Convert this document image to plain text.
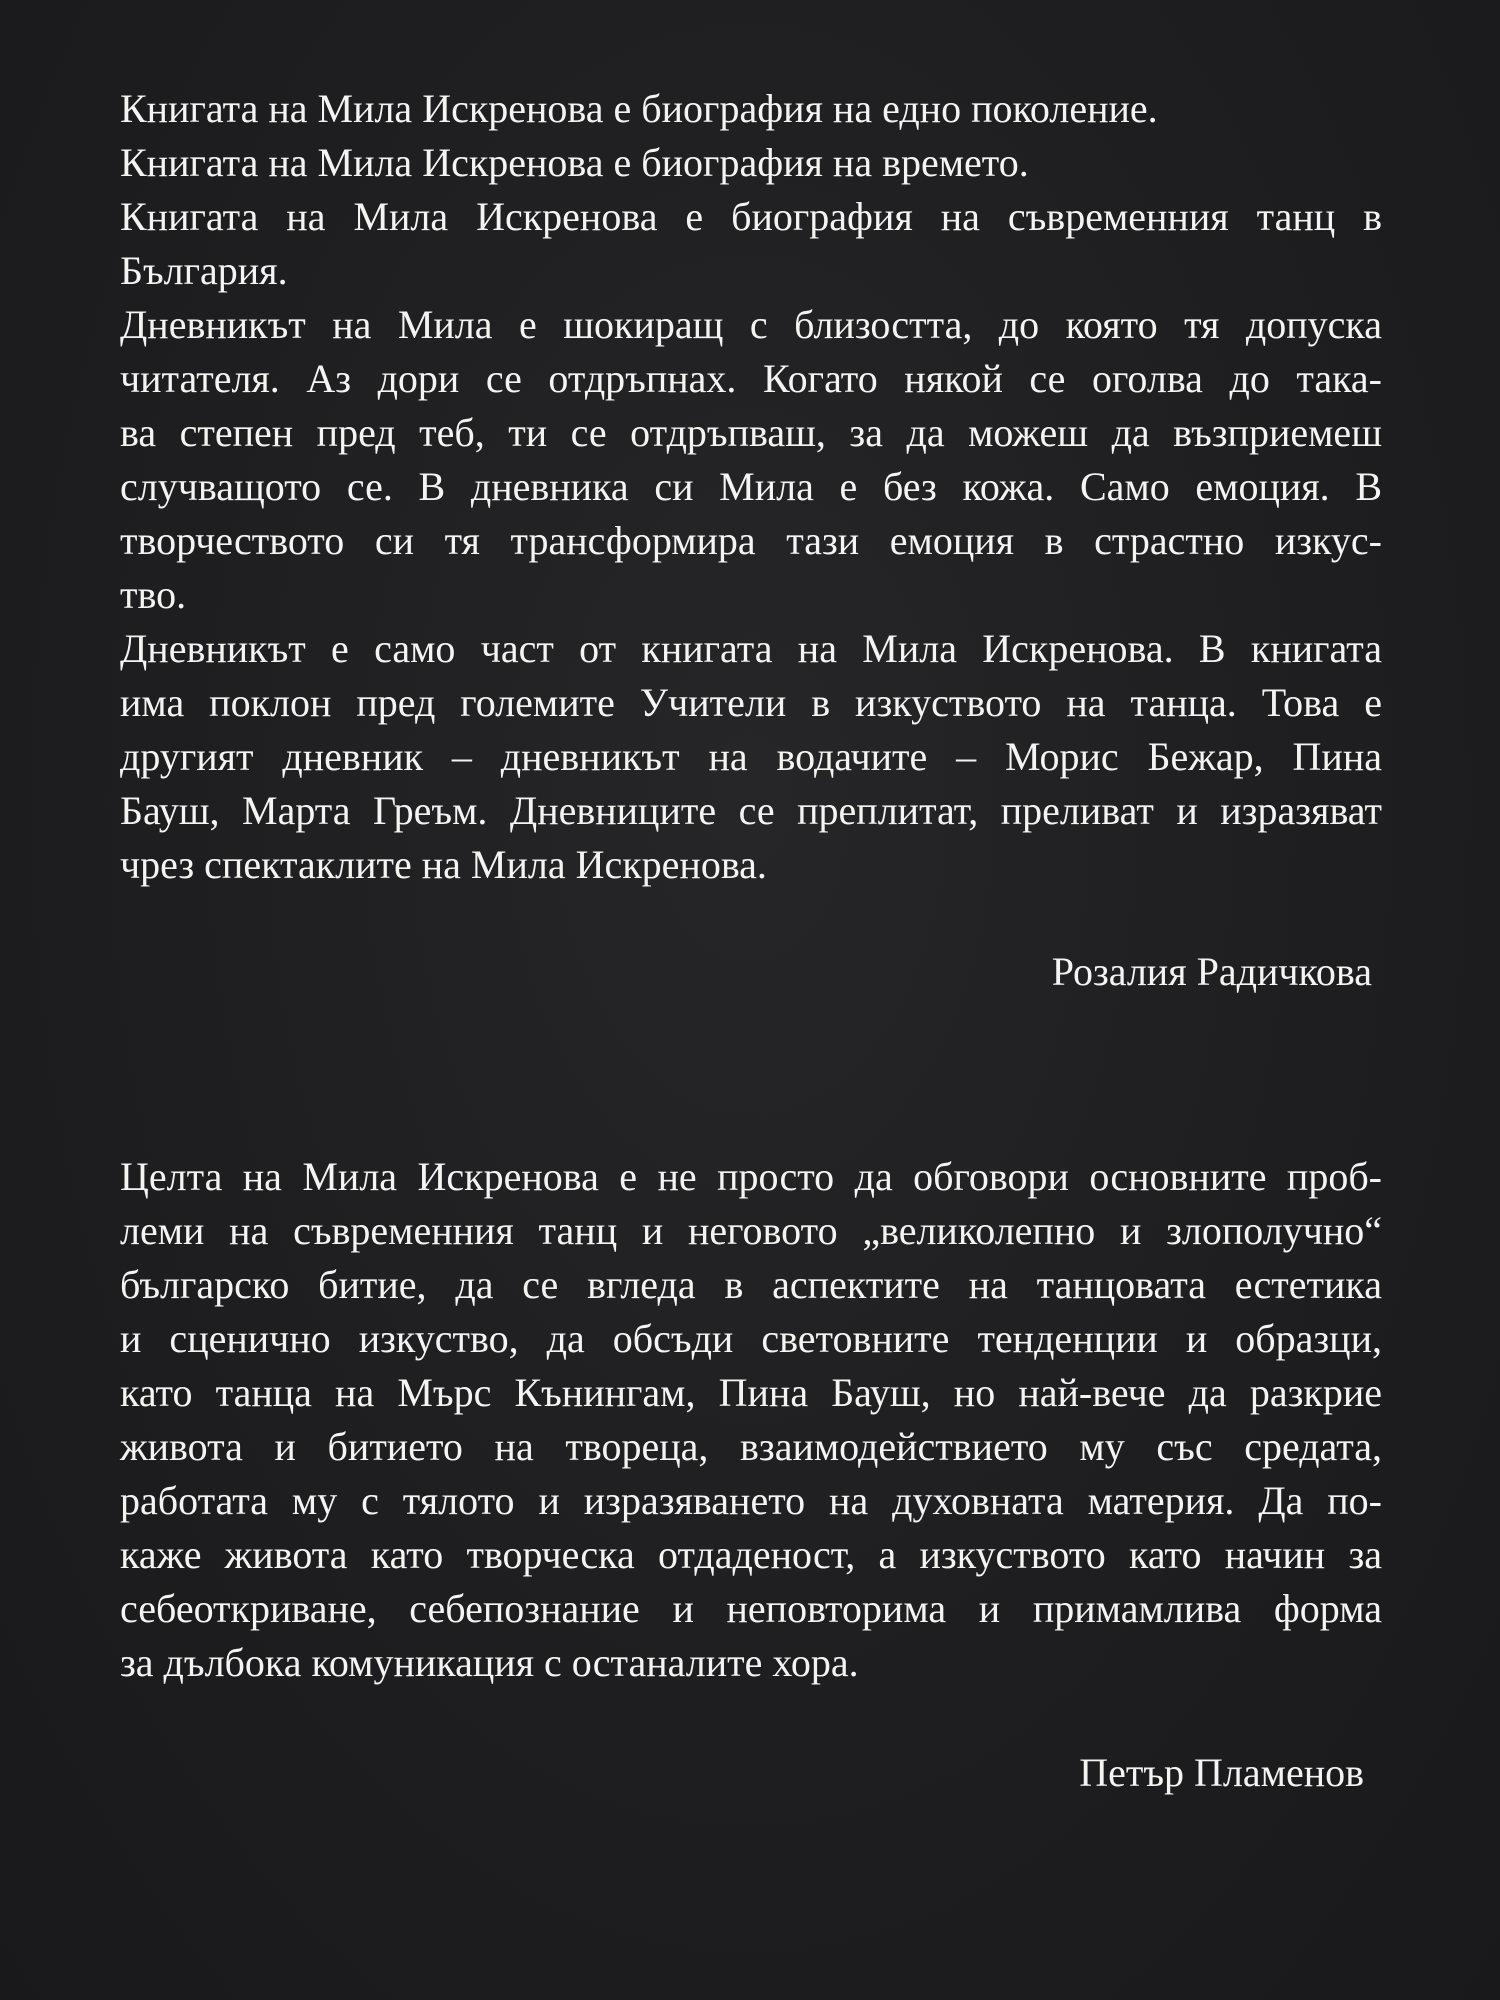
Книгата на Мила Искренова е биография на едно поколение.
Книгата на Мила Искренова е биография на времето.
Книгата на Мила Искренова е биография на съвременния танц в
България.
Дневникът на Мила е шокиращ с близостта, до която тя допуска
читателя. Аз дори се отдръпнах. Когато някой се оголва до така-
ва степен пред теб, ти се отдръпваш, за да можеш да възприемеш
случващото се. В дневника си Мила е без кожа. Само емоция. В
творчеството си тя трансформира тази емоция в страстно изкус-
тво.
Дневникът е само част от книгата на Мила Искренова. В книгата
има поклон пред големите Учители в изкуството на танца. Това е
другият дневник – дневникът на водачите – Морис Бежар, Пина
Бауш, Марта Греъм. Дневниците се преплитат, преливат и изразяват
чрез спектаклите на Мила Искренова.
Розалия Радичкова
Целта на Мила Искренова е не просто да обговори основните проб-
леми на съвременния танц и неговото „великолепно и злополучно“
българско битие, да се вгледа в аспектите на танцовата естетика
и сценично изкуство, да обсъди световните тенденции и образци,
като танца на Мърс Кънингам, Пина Бауш, но най-вече да разкрие
живота и битието на твореца, взаимодействието му със средата,
работата му с тялото и изразяването на духовната материя. Да по-
каже живота като творческа отдаденост, а изкуството като начин за
себеоткриване, себепознание и неповторима и примамлива форма
за дълбока комуникация с останалите хора.
Петър Пламенов
